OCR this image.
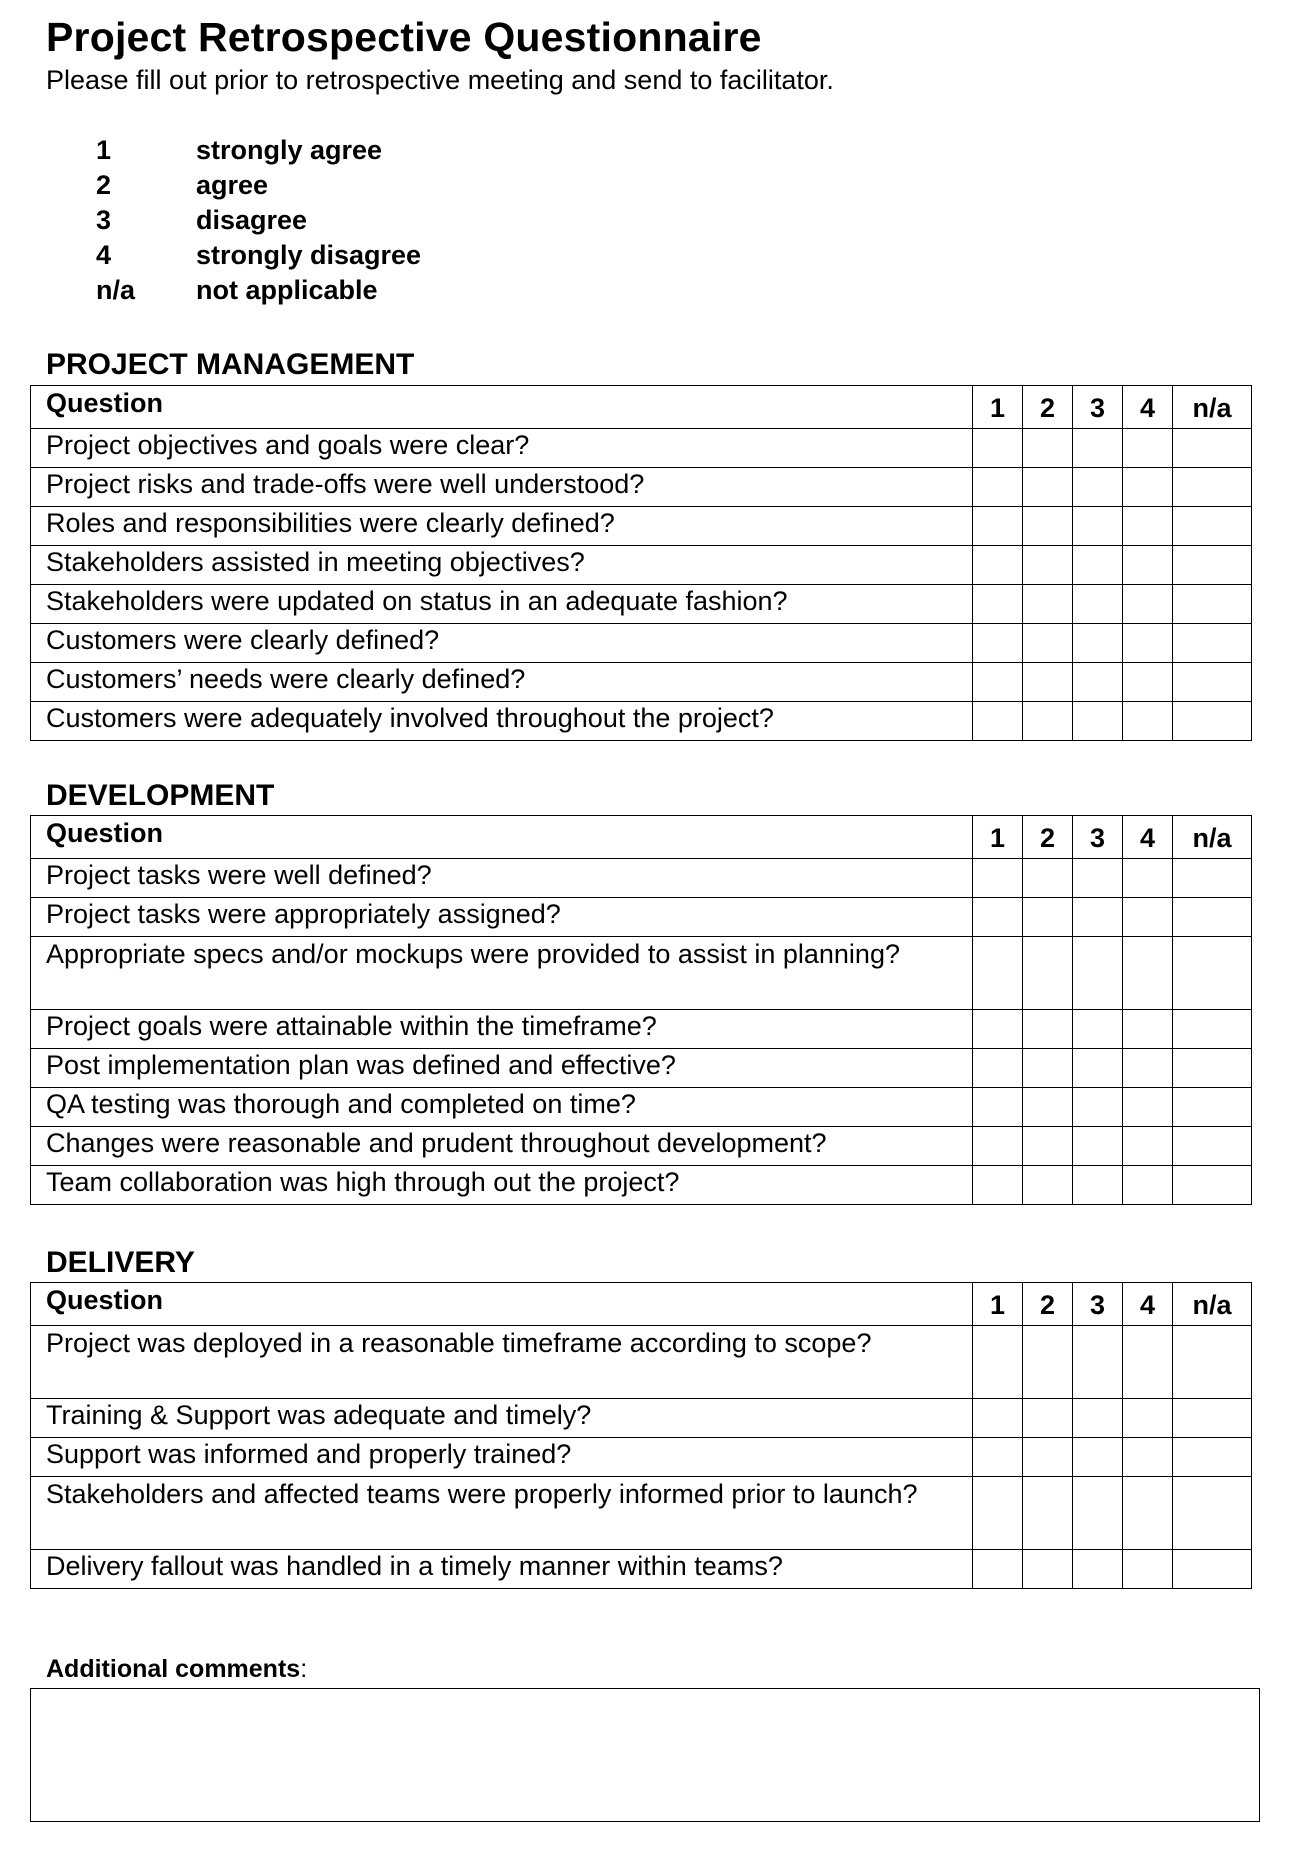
Project Retrospective Questionnaire
Please fill out prior to retrospective meeting and send to facilitator.
1	strongly agree
2	agree
3	disagree
4	strongly disagree
n/a	not applicable
PROJECT MANAGEMENT
Question	1	2	3	4	n/a
Project objectives and goals were clear?					
Project risks and trade-offs were well understood?					
Roles and responsibilities were clearly defined?					
Stakeholders assisted in meeting objectives?					
Stakeholders were updated on status in an adequate fashion?					
Customers were clearly defined?					
Customers’ needs were clearly defined?					
Customers were adequately involved throughout the project?					
DEVELOPMENT
Question	1	2	3	4	n/a
Project tasks were well defined?					
Project tasks were appropriately assigned?					
Appropriate specs and/or mockups were provided to assist in planning?					
Project goals were attainable within the timeframe?					
Post implementation plan was defined and effective?					
QA testing was thorough and completed on time?					
Changes were reasonable and prudent throughout development?					
Team collaboration was high through out the project?					
DELIVERY
Question	1	2	3	4	n/a
Project was deployed in a reasonable timeframe according to scope?					
Training & Support was adequate and timely?					
Support was informed and properly trained?					
Stakeholders and affected teams were properly informed prior to launch?					
Delivery fallout was handled in a timely manner within teams?					
Additional comments:
